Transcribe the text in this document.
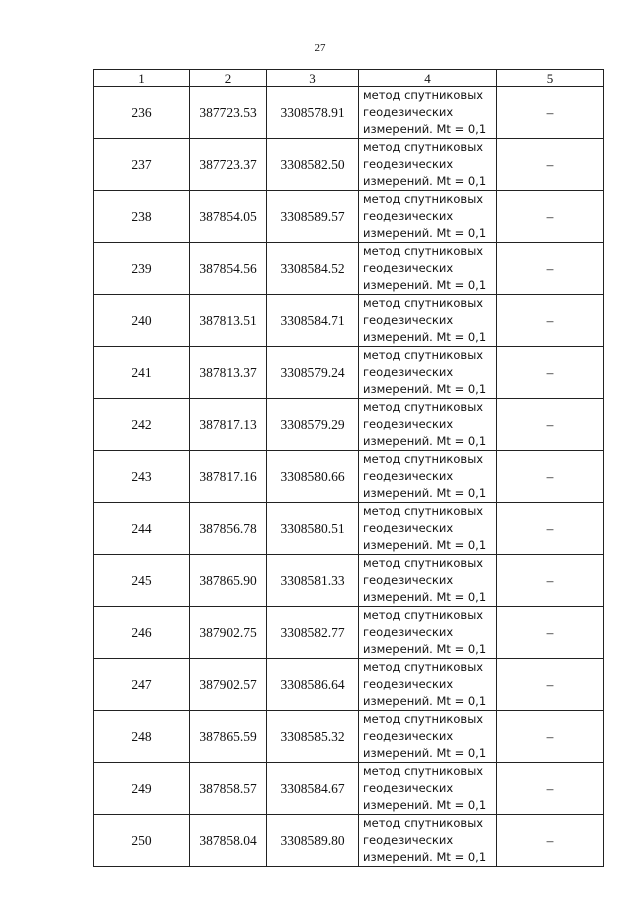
27
1	2	3	4	5
236	387723.53	3308578.91	метод спутниковых
геодезических
измерений. Mt = 0,1	–
237	387723.37	3308582.50	метод спутниковых
геодезических
измерений. Mt = 0,1	–
238	387854.05	3308589.57	метод спутниковых
геодезических
измерений. Mt = 0,1	–
239	387854.56	3308584.52	метод спутниковых
геодезических
измерений. Mt = 0,1	–
240	387813.51	3308584.71	метод спутниковых
геодезических
измерений. Mt = 0,1	–
241	387813.37	3308579.24	метод спутниковых
геодезических
измерений. Mt = 0,1	–
242	387817.13	3308579.29	метод спутниковых
геодезических
измерений. Mt = 0,1	–
243	387817.16	3308580.66	метод спутниковых
геодезических
измерений. Mt = 0,1	–
244	387856.78	3308580.51	метод спутниковых
геодезических
измерений. Mt = 0,1	–
245	387865.90	3308581.33	метод спутниковых
геодезических
измерений. Mt = 0,1	–
246	387902.75	3308582.77	метод спутниковых
геодезических
измерений. Mt = 0,1	–
247	387902.57	3308586.64	метод спутниковых
геодезических
измерений. Mt = 0,1	–
248	387865.59	3308585.32	метод спутниковых
геодезических
измерений. Mt = 0,1	–
249	387858.57	3308584.67	метод спутниковых
геодезических
измерений. Mt = 0,1	–
250	387858.04	3308589.80	метод спутниковых
геодезических
измерений. Mt = 0,1	–
